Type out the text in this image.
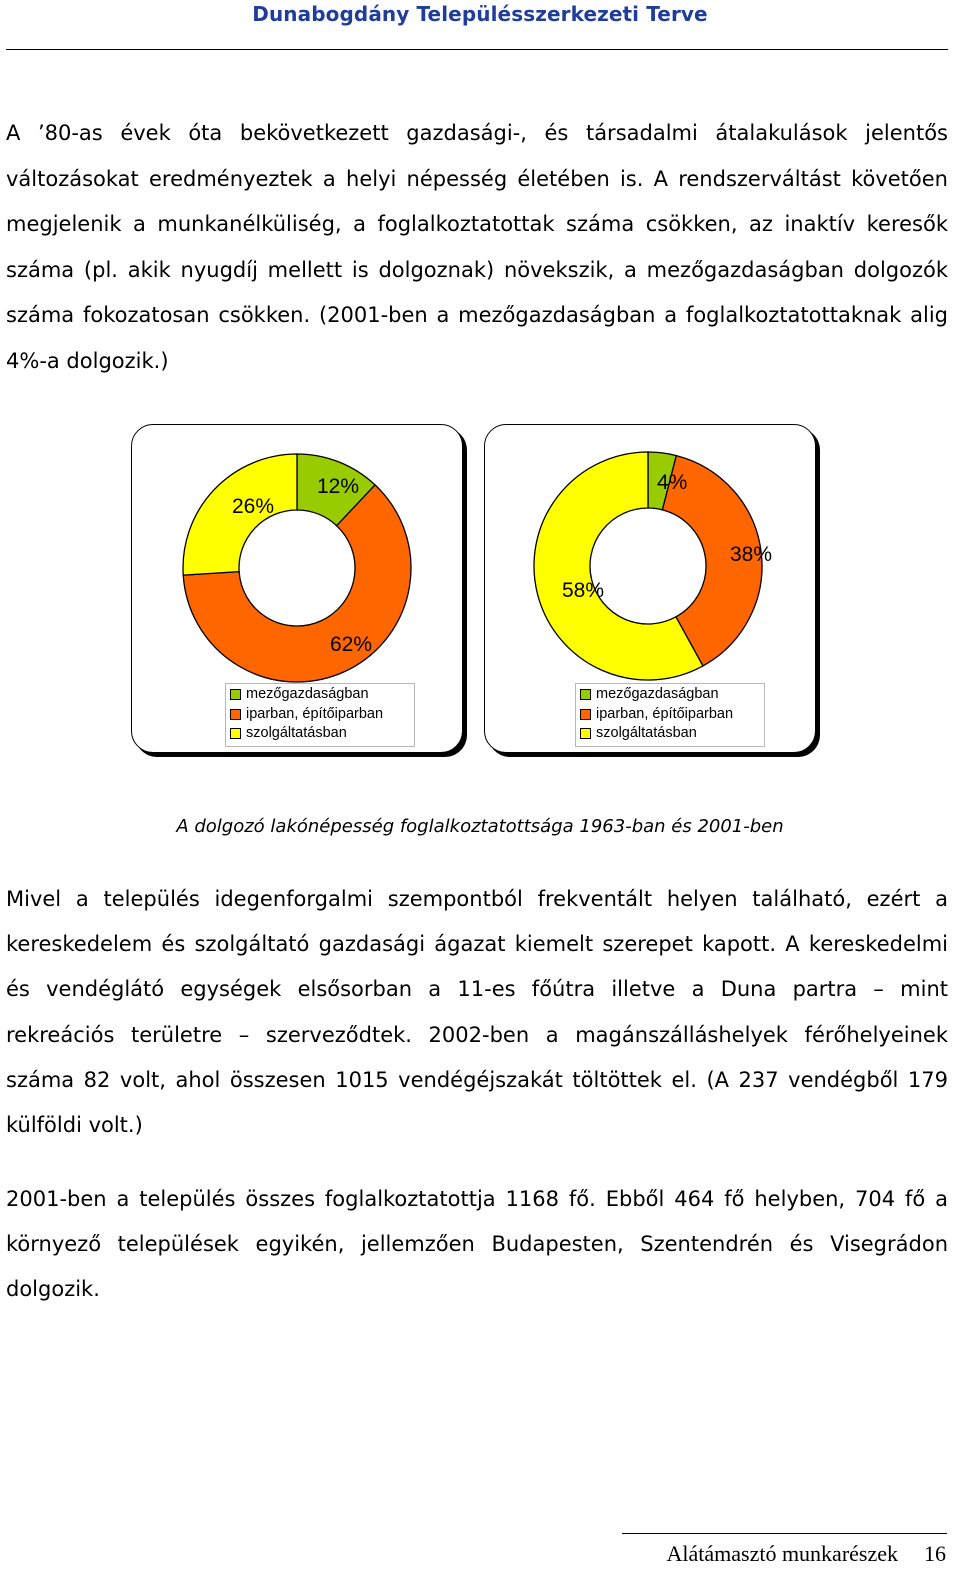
Dunabogdány Településszerkezeti Terve

A ’80-as évek óta bekövetkezett gazdasági-, és társadalmi átalakulások jelentős változásokat eredményeztek a helyi népesség életében is. A rendszerváltást követően megjelenik a munkanélküliség, a foglalkoztatottak száma csökken, az inaktív keresők száma (pl. akik nyugdíj mellett is dolgoznak) növekszik, a mezőgazdaságban dolgozók száma fokozatosan csökken. (2001-ben a mezőgazdaságban a foglalkoztatottaknak alig 4%-a dolgozik.)

12%
62%
26%
mezőgazdaságban
iparban, építőiparban
szolgáltatásban
4%
38%
58%
mezőgazdaságban
iparban, építőiparban
szolgáltatásban
A dolgozó lakónépesség foglalkoztatottsága 1963-ban és 2001-ben

Mivel a település idegenforgalmi szempontból frekventált helyen található, ezért a kereskedelem és szolgáltató gazdasági ágazat kiemelt szerepet kapott. A kereskedelmi és vendéglátó egységek elsősorban a 11-es főútra illetve a Duna partra – mint rekreációs területre – szerveződtek. 2002-ben a magánszálláshelyek férőhelyeinek száma 82 volt, ahol összesen 1015 vendégéjszakát töltöttek el. (A 237 vendégből 179 külföldi volt.)

2001-ben a település összes foglalkoztatottja 1168 fő. Ebből 464 fő helyben, 704 fő a környező települések egyikén, jellemzően Budapesten, Szentendrén és Visegrádon dolgozik.

Alátámasztó munkarészek 16
